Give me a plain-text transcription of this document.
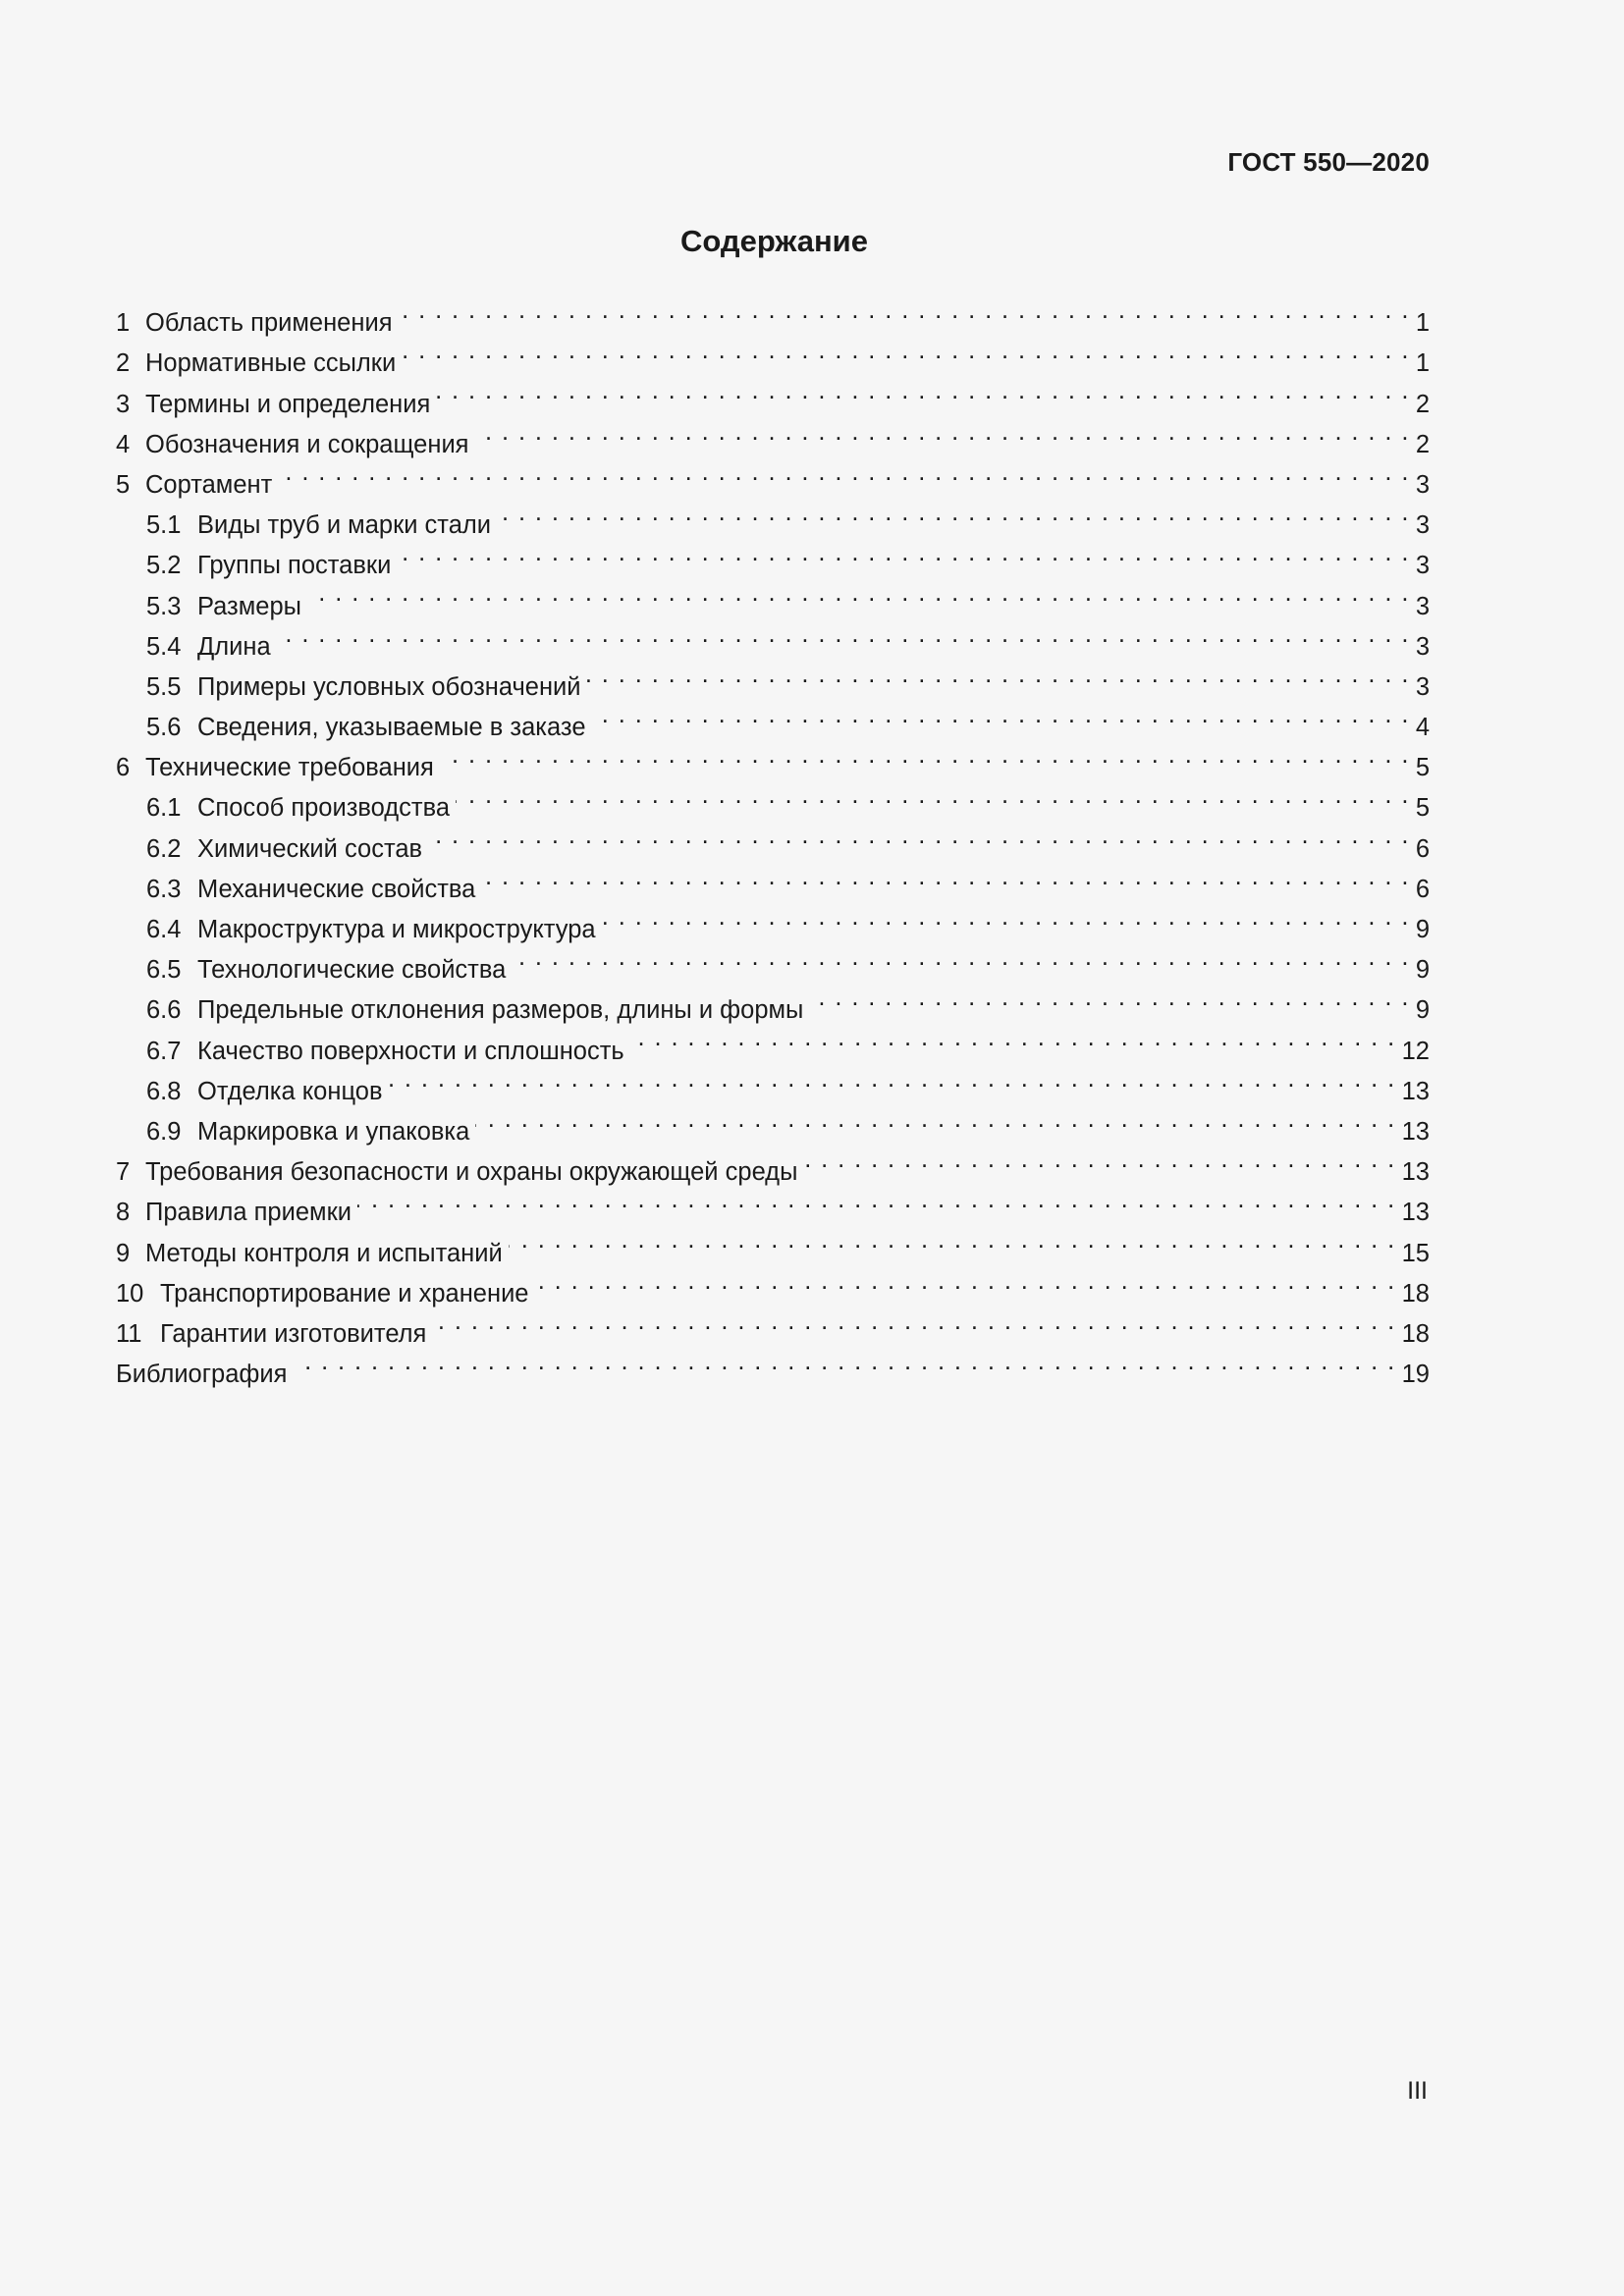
ГОСТ 550—2020
Содержание
1 Область применения . . .	1
2 Нормативные ссылки . . .	1
3 Термины и определения . . .	2
4 Обозначения и сокращения . . .	2
5 Сортамент . . .	3
5.1 Виды труб и марки стали . . .	3
5.2 Группы поставки . . .	3
5.3 Размеры . . .	3
5.4 Длина . . .	3
5.5 Примеры условных обозначений . . .	3
5.6 Сведения, указываемые в заказе . . .	4
6 Технические требования . . .	5
6.1 Способ производства . . .	5
6.2 Химический состав . . .	6
6.3 Механические свойства . . .	6
6.4 Макроструктура и микроструктура . . .	9
6.5 Технологические свойства . . .	9
6.6 Предельные отклонения размеров, длины и формы . . .	9
6.7 Качество поверхности и сплошность . . .	12
6.8 Отделка концов . . .	13
6.9 Маркировка и упаковка . . .	13
7 Требования безопасности и охраны окружающей среды . . .	13
8 Правила приемки . . .	13
9 Методы контроля и испытаний . . .	15
10 Транспортирование и хранение . . .	18
11 Гарантии изготовителя . . .	18
Библиография . . .	19
III
